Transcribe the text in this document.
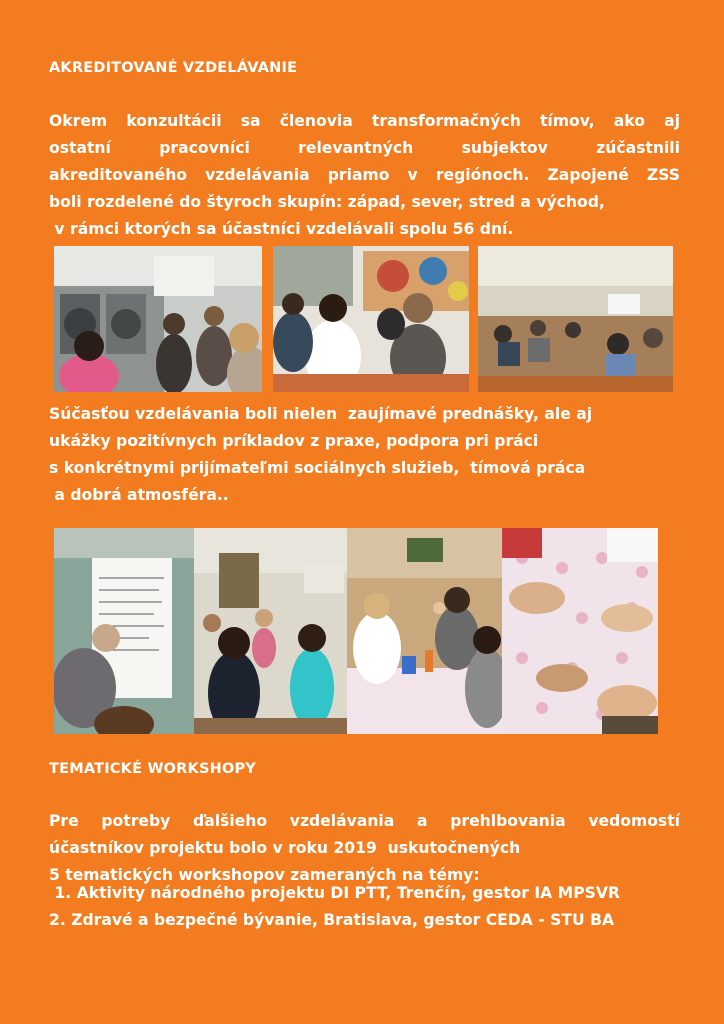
AKREDITOVANÉ VZDELÁVANIE
Okrem konzultácii sa členovia transformačných tímov, ako aj
ostatní pracovníci relevantných subjektov zúčastnili
akreditovaného vzdelávania priamo v regiónoch. Zapojené ZSS
boli rozdelené do štyroch skupín: západ, sever, stred a východ,
v rámci ktorých sa účastníci vzdelávali spolu 56 dní.
Súčasťou vzdelávania boli nielen  zaujímavé prednášky, ale aj
ukážky pozitívnych príkladov z praxe, podpora pri práci
s konkrétnymi prijímateľmi sociálnych služieb,  tímová práca
a dobrá atmosféra..
TEMATICKÉ WORKSHOPY
Pre potreby ďalšieho vzdelávania a prehlbovania vedomostí
účastníkov projektu bolo v roku 2019  uskutočnených
5 tematických workshopov zameraných na témy:
1. Aktivity národného projektu DI PTT, Trenčín, gestor IA MPSVR
2. Zdravé a bezpečné bývanie, Bratislava, gestor CEDA - STU BA
